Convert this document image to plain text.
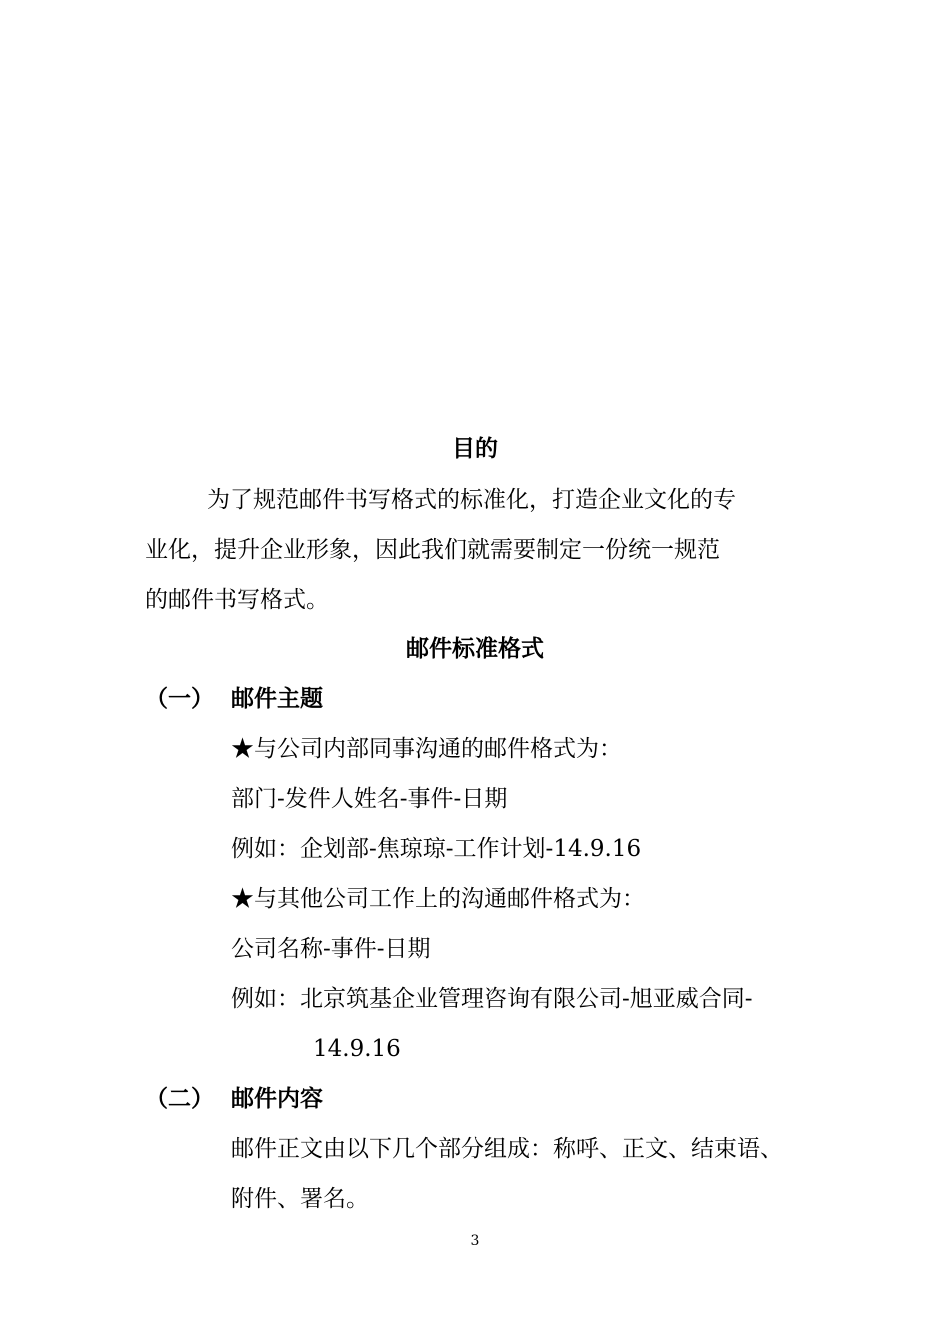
目的
为了规范邮件书写格式的标准化，打造企业文化的专
业化，提升企业形象，因此我们就需要制定一份统一规范
的邮件书写格式。
邮件标准格式
（一） 邮件主题
★与公司内部同事沟通的邮件格式为：
部门-发件人姓名-事件-日期
例如：企划部-焦琼琼-工作计划-14.9.16
★与其他公司工作上的沟通邮件格式为：
公司名称-事件-日期
例如：北京筑基企业管理咨询有限公司-旭亚威合同-
14.9.16
（二） 邮件内容
邮件正文由以下几个部分组成：称呼、正文、结束语、
附件、署名。
3
